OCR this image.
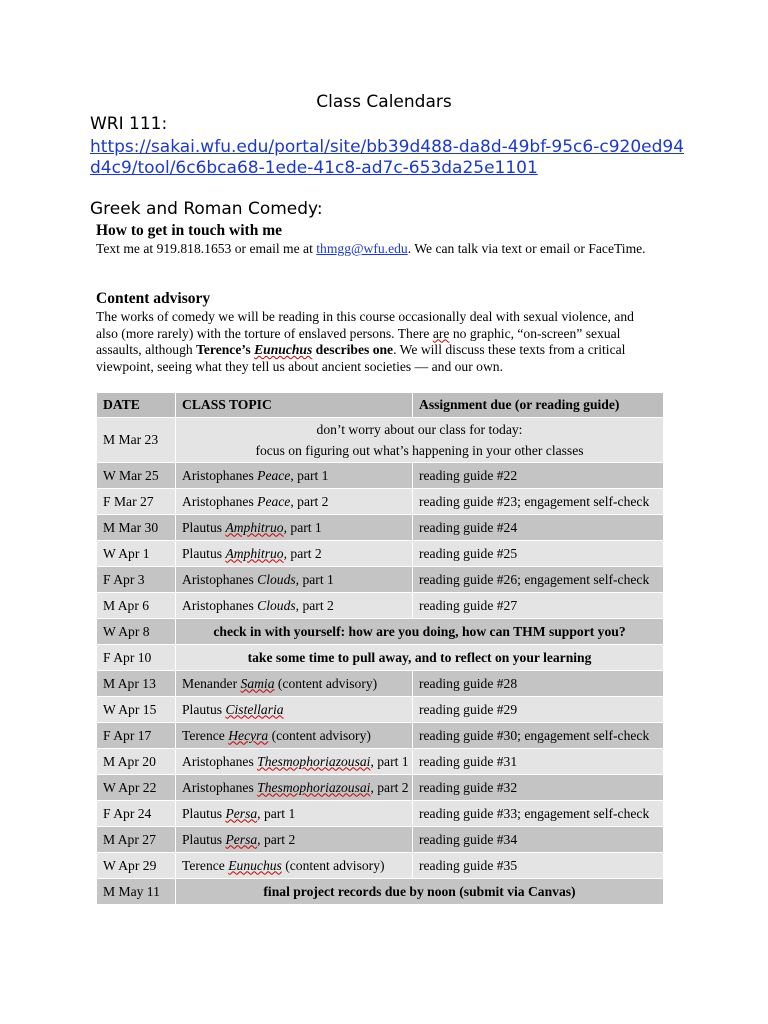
Class Calendars
WRI 111:
https://sakai.wfu.edu/portal/site/bb39d488-da8d-49bf-95c6-c920ed94d4c9/tool/6c6bca68-1ede-41c8-ad7c-653da25e1101
Greek and Roman Comedy:
How to get in touch with me
Text me at 919.818.1653 or email me at thmgg@wfu.edu. We can talk via text or email or FaceTime.
Content advisory
The works of comedy we will be reading in this course occasionally deal with sexual violence, and also (more rarely) with the torture of enslaved persons. There are no graphic, “on-screen” sexual assaults, although Terence’s Eunuchus describes one. We will discuss these texts from a critical viewpoint, seeing what they tell us about ancient societies — and our own.
DATE	CLASS TOPIC	Assignment due (or reading guide)
M Mar 23	don’t worry about our class for today:
focus on figuring out what’s happening in your other classes	

W Mar 25	Aristophanes Peace, part 1	reading guide #22
F Mar 27	Aristophanes Peace, part 2	reading guide #23; engagement self-check
M Mar 30	Plautus Amphitruo, part 1	reading guide #24
W Apr 1	Plautus Amphitruo, part 2	reading guide #25
F Apr 3	Aristophanes Clouds, part 1	reading guide #26; engagement self-check
M Apr 6	Aristophanes Clouds, part 2	reading guide #27
W Apr 8	check in with yourself: how are you doing, how can THM support you?	
F Apr 10	take some time to pull away, and to reflect on your learning	
M Apr 13	Menander Samia (content advisory)	reading guide #28
W Apr 15	Plautus Cistellaria	reading guide #29
F Apr 17	Terence Hecyra (content advisory)	reading guide #30; engagement self-check
M Apr 20	Aristophanes Thesmophoriazousai, part 1	reading guide #31
W Apr 22	Aristophanes Thesmophoriazousai, part 2	reading guide #32
F Apr 24	Plautus Persa, part 1	reading guide #33; engagement self-check
M Apr 27	Plautus Persa, part 2	reading guide #34
W Apr 29	Terence Eunuchus (content advisory)	reading guide #35
M May 11	final project records due by noon (submit via Canvas)	
